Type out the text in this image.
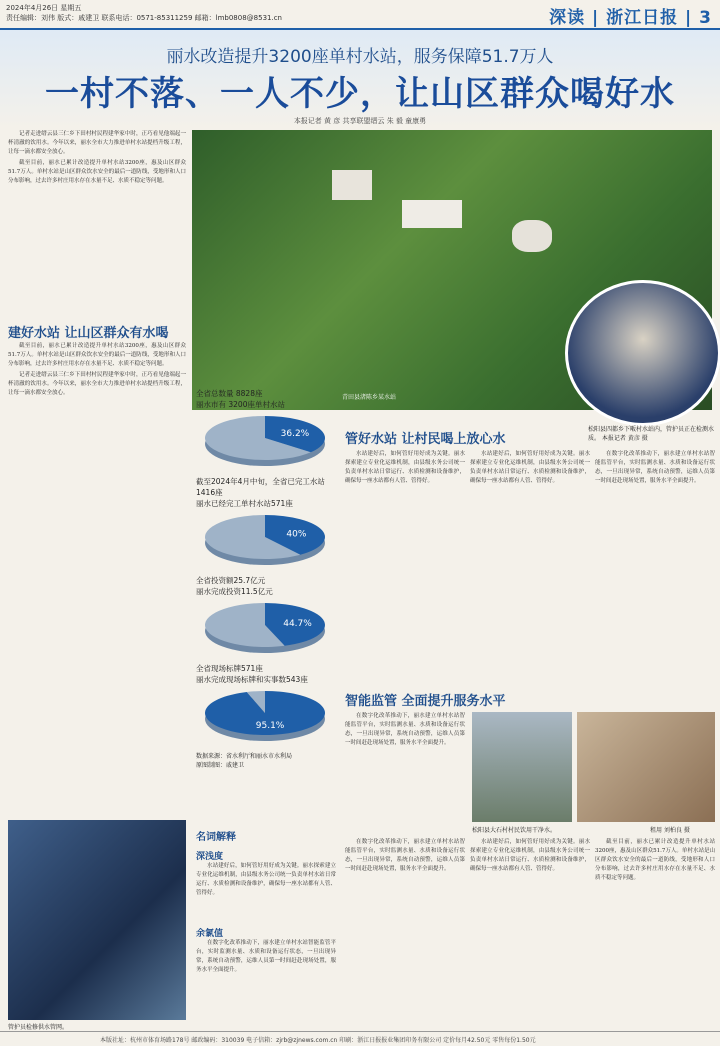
2024年4月26日 星期五
责任编辑：刘伟 版式：戚建卫 联系电话：0571-85311259 邮箱：lmb0808@8531.cn	深读 | 浙江日报 | 3
丽水改造提升3200座单村水站，服务保障51.7万人
一村不落、一人不少，让山区群众喝好水
本报记者 黄 彦 共享联盟缙云 朱 毅 童康勇

记者走进缙云县三仁乡下田村村民程建华家中时，正巧看见他端起一杯清澈的饮用水。今年以来，丽水全市大力推进单村水站提档升级工程，让每一滴水都安全放心。

截至目前，丽水已累计改造提升单村水站3200座，惠及山区群众51.7万人。单村水站是山区群众饮水安全的最后一道防线，受地形和人口分布影响，过去许多村庄用水存在水量不足、水质不稳定等问题。

青田县渚陈乡某水站
松阳县四都乡下畈村水站内，管护员正在检测水质。 本报记者 黄彦 摄
建好水站 让山区群众有水喝

截至目前，丽水已累计改造提升单村水站3200座，惠及山区群众51.7万人。单村水站是山区群众饮水安全的最后一道防线，受地形和人口分布影响，过去许多村庄用水存在水量不足、水质不稳定等问题。

记者走进缙云县三仁乡下田村村民程建华家中时，正巧看见他端起一杯清澈的饮用水。今年以来，丽水全市大力推进单村水站提档升级工程，让每一滴水都安全放心。	全省总数量 8828座
丽水市有 3200座单村水站
36.2%
截至2024年4月中旬，全省已完工水站1416座
丽水已经完工单村水站571座
40%
全省投资额25.7亿元
丽水完成投资11.5亿元
44.7%
全省现场标牌571座
丽水完成现场标牌和实事数543座
95.1%
数据来源：省水利厅和丽水市水利局
原图制图：戚建卫
管好水站 让村民喝上放心水

水站建好后，如何管好用好成为关键。丽水探索建立专业化运维机制，由县级水务公司统一负责单村水站日常运行、水质检测和设备维护，确保每一座水站都有人管、管得好。

水站建好后，如何管好用好成为关键。丽水探索建立专业化运维机制，由县级水务公司统一负责单村水站日常运行、水质检测和设备维护，确保每一座水站都有人管、管得好。

在数字化改革推动下，丽水建立单村水站智能监管平台，实时监测水量、水质和设备运行状态，一旦出现异常，系统自动预警，运维人员第一时间赶赴现场处置，服务水平全面提升。

智能监管 全面提升服务水平

在数字化改革推动下，丽水建立单村水站智能监管平台，实时监测水量、水质和设备运行状态，一旦出现异常，系统自动预警，运维人员第一时间赶赴现场处置，服务水平全面提升。

松阳县大石村村民饮用干净水。	租用 刘柏良 摄

在数字化改革推动下，丽水建立单村水站智能监管平台，实时监测水量、水质和设备运行状态，一旦出现异常，系统自动预警，运维人员第一时间赶赴现场处置，服务水平全面提升。

水站建好后，如何管好用好成为关键。丽水探索建立专业化运维机制，由县级水务公司统一负责单村水站日常运行、水质检测和设备维护，确保每一座水站都有人管、管得好。

截至目前，丽水已累计改造提升单村水站3200座，惠及山区群众51.7万人。单村水站是山区群众饮水安全的最后一道防线，受地形和人口分布影响，过去许多村庄用水存在水量不足、水质不稳定等问题。

管护员检修供水管网。
名词解释
深浅度

水站建好后，如何管好用好成为关键。丽水探索建立专业化运维机制，由县级水务公司统一负责单村水站日常运行、水质检测和设备维护，确保每一座水站都有人管、管得好。

余氯值

在数字化改革推动下，丽水建立单村水站智能监管平台，实时监测水量、水质和设备运行状态，一旦出现异常，系统自动预警，运维人员第一时间赶赴现场处置，服务水平全面提升。

本版社址：杭州市体育场路178号 邮政编码：310039 电子信箱：zjrb@zjnews.com.cn 印刷：浙江日报报业集团印务有限公司 定价每月42.50元 零售每份1.50元
